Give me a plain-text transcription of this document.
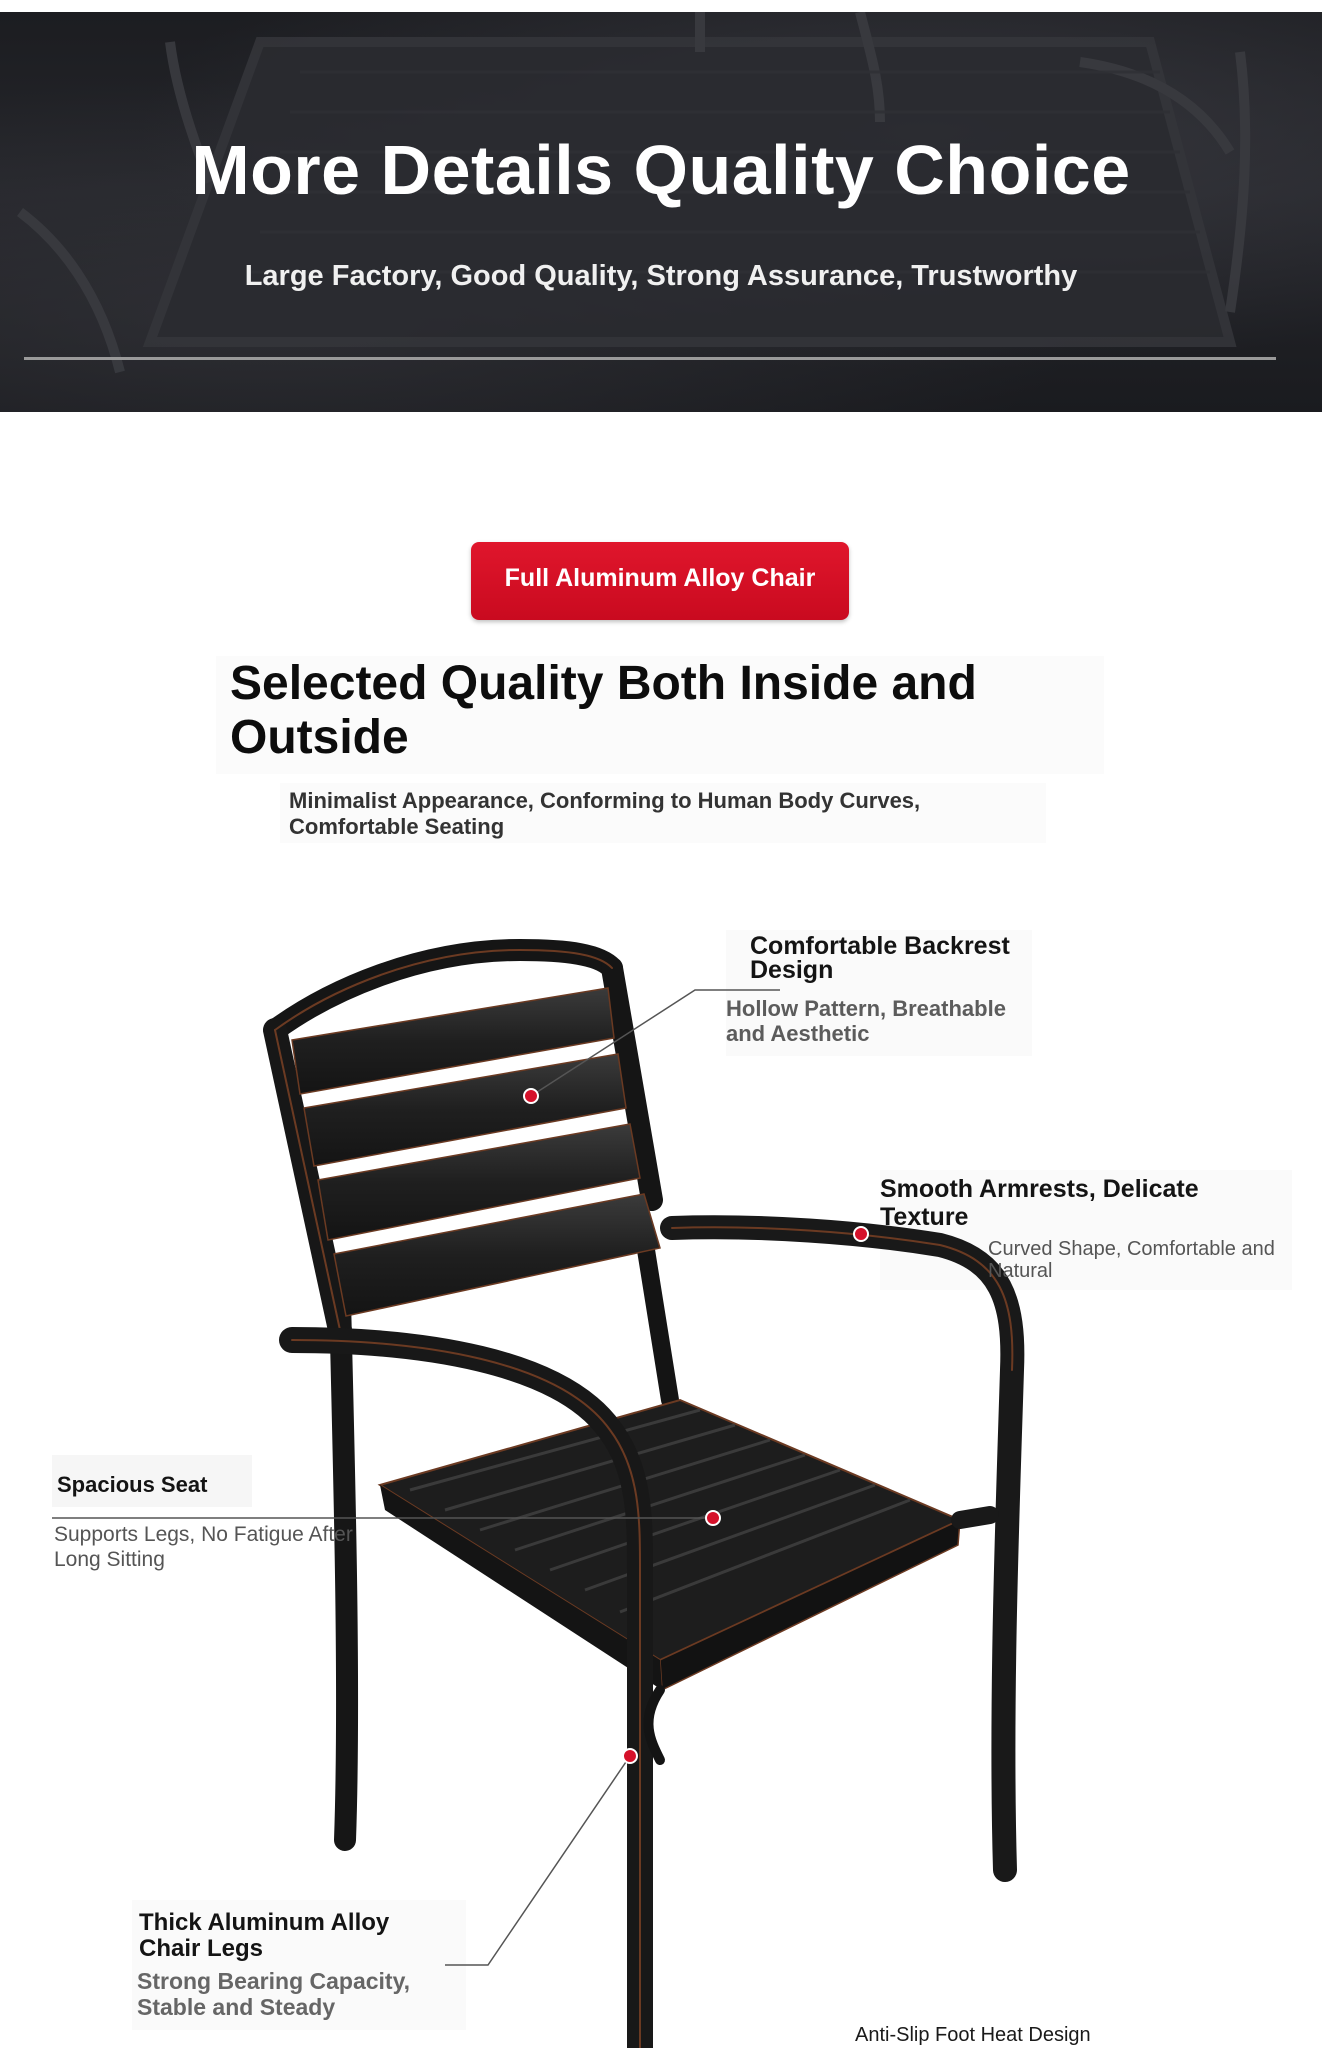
More Details Quality Choice
Large Factory, Good Quality, Strong Assurance, Trustworthy
Full Aluminum Alloy Chair
Selected Quality Both Inside and Outside
Minimalist Appearance, Conforming to Human Body Curves, Comfortable Seating
Comfortable Backrest Design
Hollow Pattern, Breathable and Aesthetic
Smooth Armrests, Delicate Texture
Curved Shape, Comfortable and Natural
Spacious Seat
Supports Legs, No Fatigue After Long Sitting
Thick Aluminum Alloy Chair Legs
Strong Bearing Capacity, Stable and Steady
Anti-Slip Foot Heat Design
